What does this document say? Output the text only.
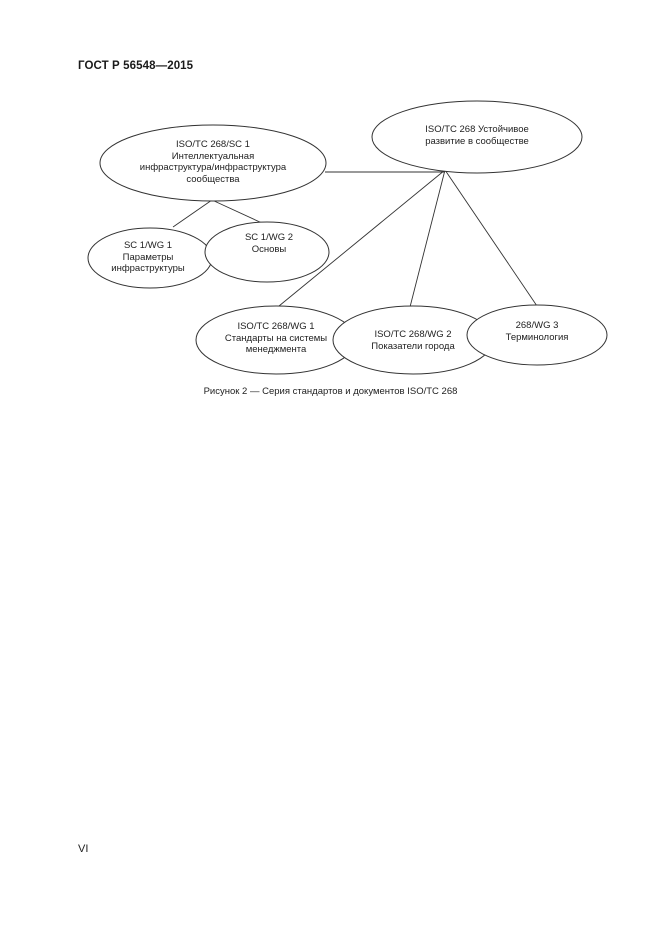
ГОСТ Р 56548—2015
ISO/TC 268 Устойчивое
развитие в сообществе
ISO/TC 268/SC 1
Интеллектуальная
инфраструктура/инфраструктура
сообщества
SC 1/WG 1
Параметры
инфраструктуры
SC 1/WG 2
Основы
ISO/TC 268/WG 1
Стандарты на системы
менеджмента
ISO/TC 268/WG 2
Показатели города
268/WG 3
Терминология
Рисунок 2 — Серия стандартов и документов ISO/TC 268
VI
